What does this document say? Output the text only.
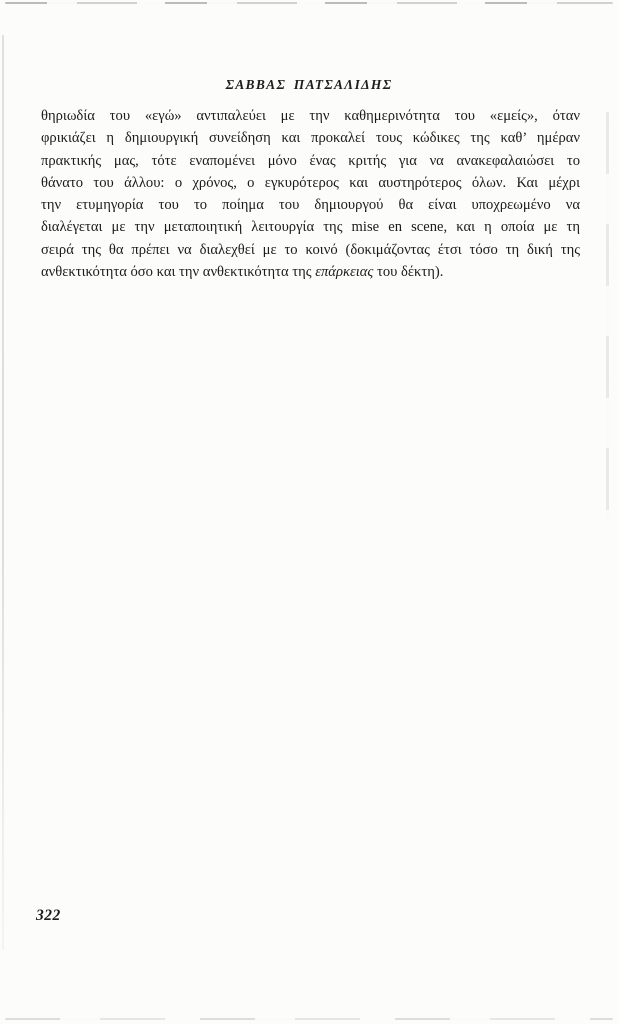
ΣΑΒΒΑΣ ΠΑΤΣΑΛΙΔΗΣ
θηριωδία του «εγώ» αντιπαλεύει με την καθημερινότητα του «εμείς», όταν
φρικιάζει η δημιουργική συνείδηση και προκαλεί τους κώδικες της καθ’ ημέραν
πρακτικής μας, τότε εναπομένει μόνο ένας κριτής για να ανακεφαλαιώσει το
θάνατο του άλλου: ο χρόνος, ο εγκυρότερος και αυστηρότερος όλων. Και μέχρι
την ετυμηγορία του το ποίημα του δημιουργού θα είναι υποχρεωμένο να
διαλέγεται με την μεταποιητική λειτουργία της mise en scene, και η οποία με τη
σειρά της θα πρέπει να διαλεχθεί με το κοινό (δοκιμάζοντας έτσι τόσο τη δική της
ανθεκτικότητα όσο και την ανθεκτικότητα της επάρκειας του δέκτη).
322
